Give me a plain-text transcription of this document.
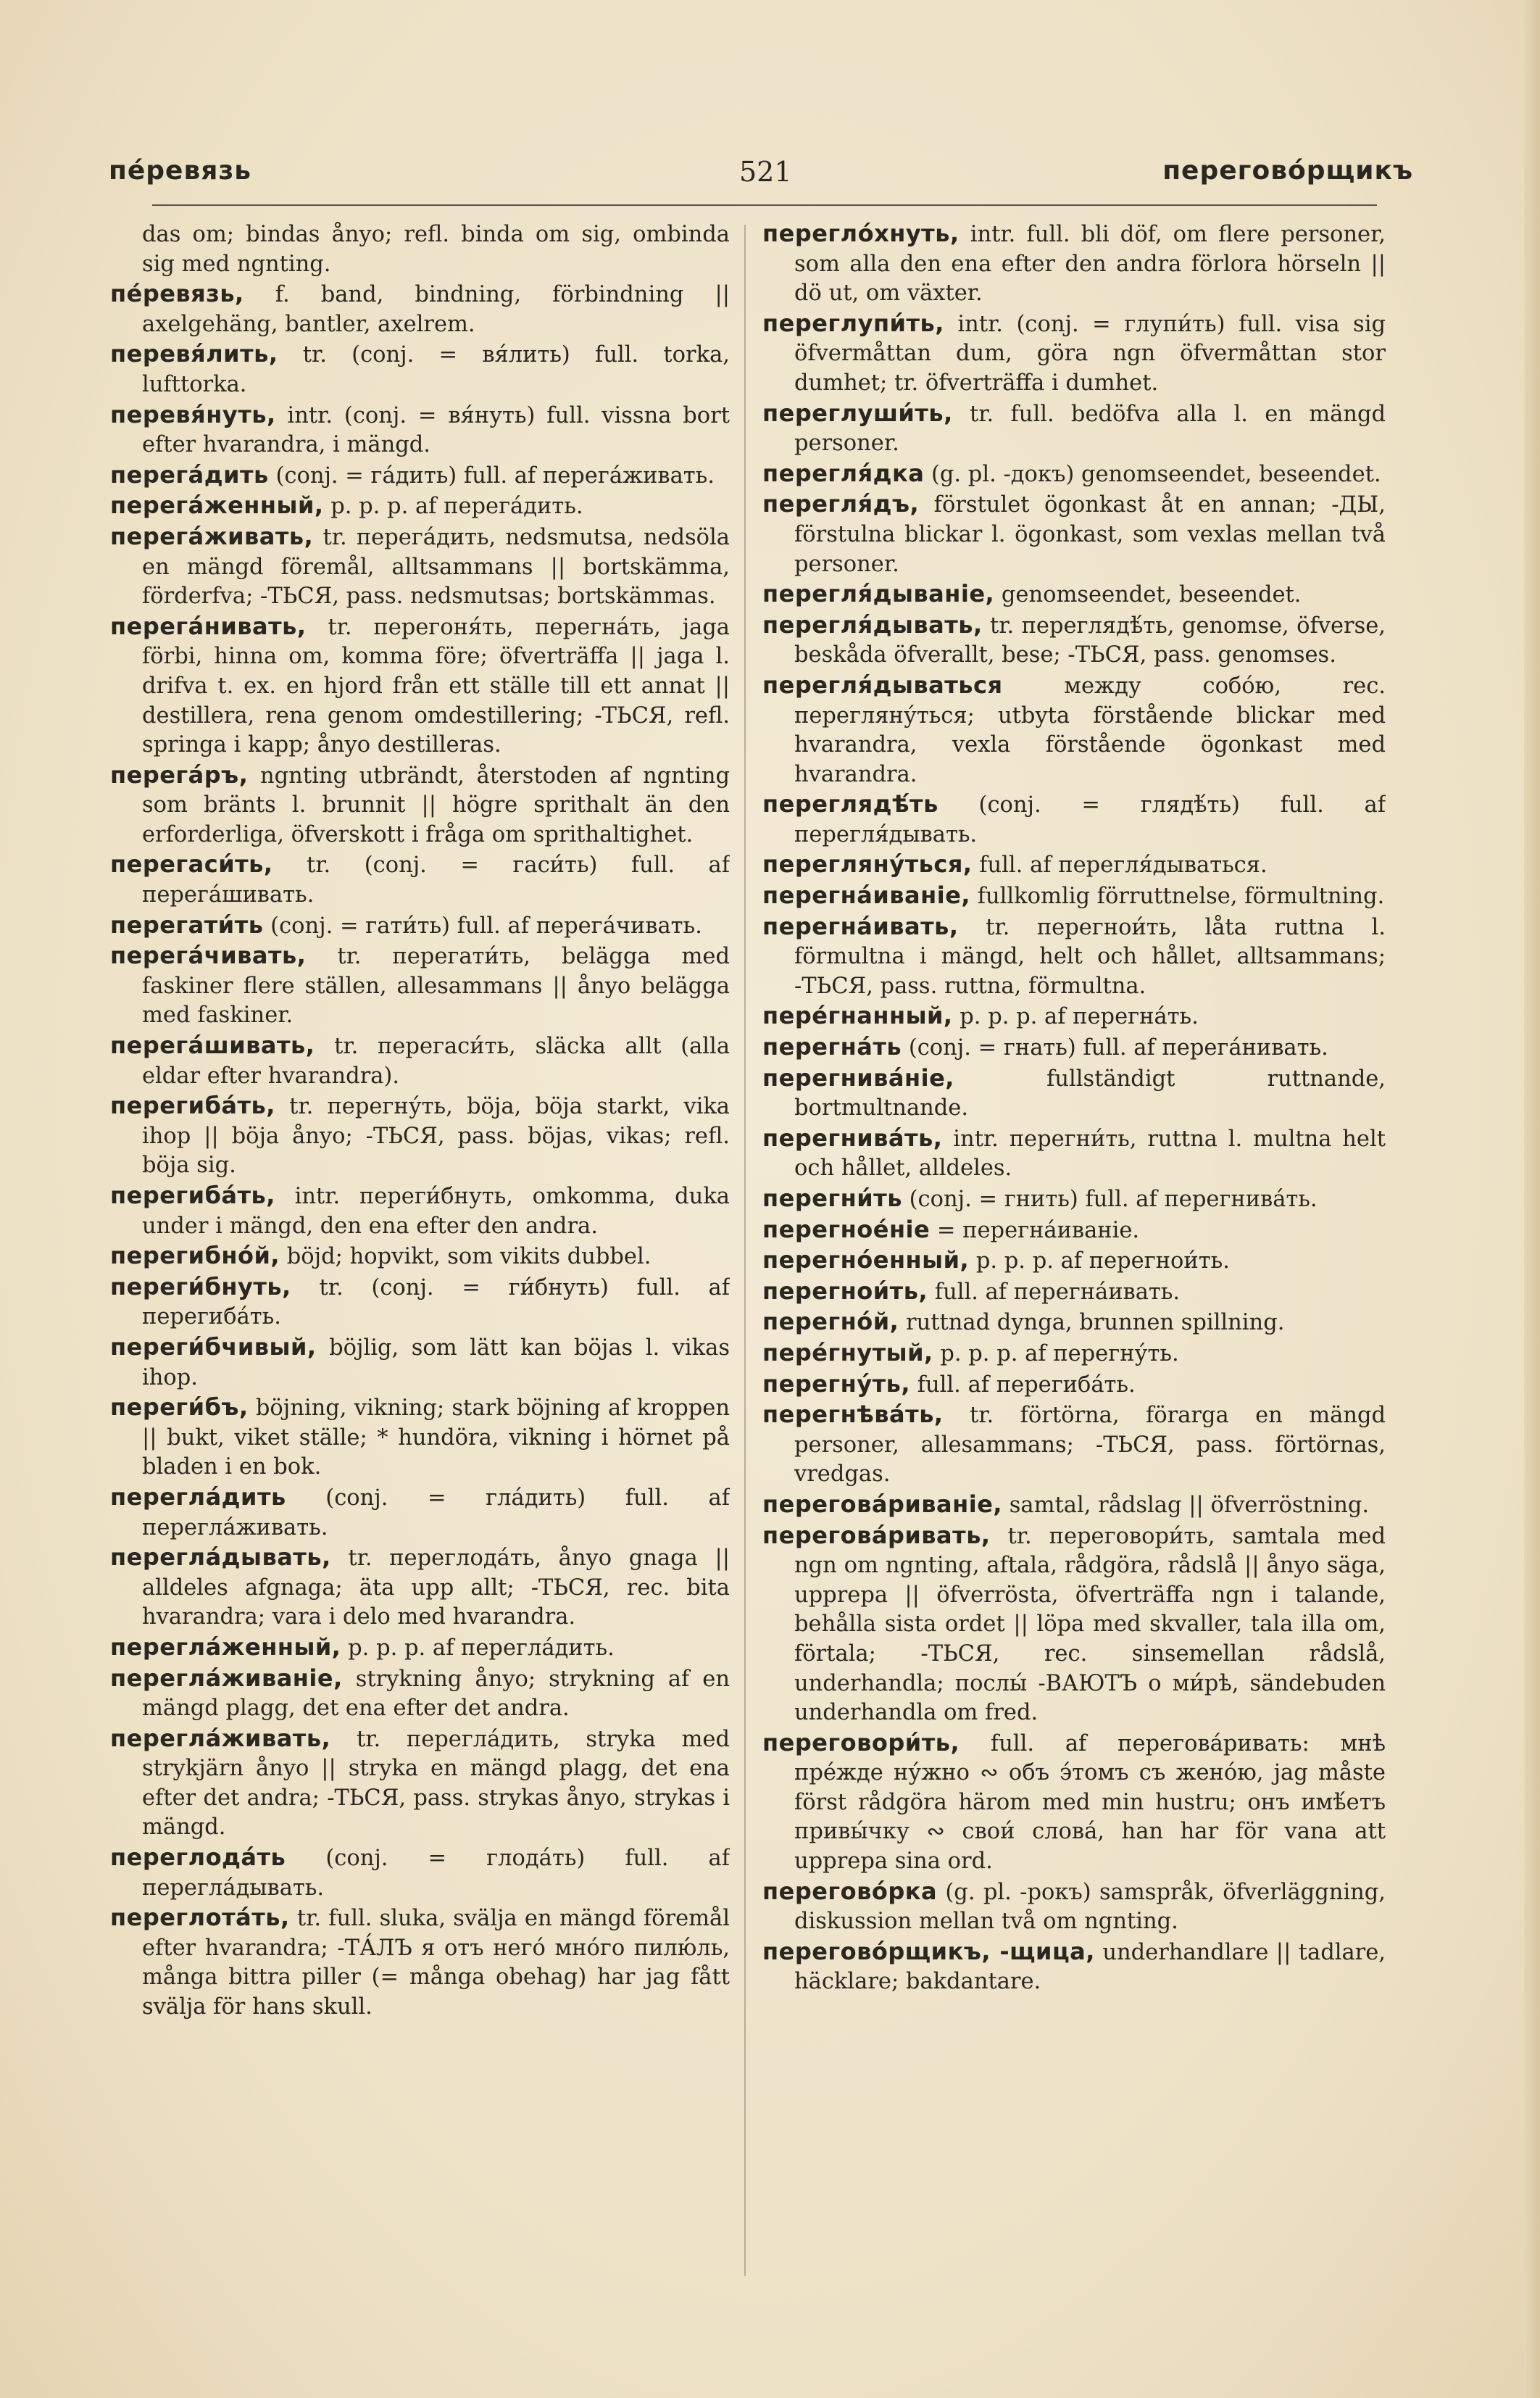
пéревязь	521	переговóрщикъ

das om; bindas ånyo; refl. binda om sig, ombinda sig med ngnting.

пéревязь, f. band, bindning, förbindning || axelgehäng, bantler, axelrem.

перевя́лить, tr. (conj. = вя́лить) full. torka, lufttorka.

перевя́нуть, intr. (conj. = вя́нуть) full. vissna bort efter hvarandra, i mängd.

перега́дить (conj. = га́дить) full. af перега́живать.

перега́женный, p. p. p. af перега́дить.

перега́живать, tr. перега́дить, nedsmutsa, nedsöla en mängd föremål, alltsammans || bortskämma, förderfva; -ТЬСЯ, pass. nedsmutsas; bortskämmas.

перега́нивать, tr. перегоня́ть, перегна́ть, jaga förbi, hinna om, komma före; öfverträffa || jaga l. drifva t. ex. en hjord från ett ställe till ett annat || destillera, rena genom omdestillering; -ТЬСЯ, refl. springa i kapp; ånyo destilleras.

перега́ръ, ngnting utbrändt, återstoden af ngnting som bränts l. brunnit || högre sprithalt än den erforderliga, öfverskott i fråga om sprithaltighet.

перегаси́ть, tr. (conj. = гаси́ть) full. af перега́шивать.

перегати́ть (conj. = гати́ть) full. af перега́чивать.

перега́чивать, tr. перегати́ть, belägga med faskiner flere ställen, allesammans || ånyo belägga med faskiner.

перега́шивать, tr. перегаси́ть, släcka allt (alla eldar efter hvarandra).

перегиба́ть, tr. перегну́ть, böja, böja starkt, vika ihop || böja ånyo; -ТЬСЯ, pass. böjas, vikas; refl. böja sig.

перегиба́ть, intr. переги́бнуть, omkomma, duka under i mängd, den ena efter den andra.

перегибно́й, böjd; hopvikt, som vikits dubbel.

переги́бнуть, tr. (conj. = ги́бнуть) full. af перегиба́ть.

переги́бчивый, böjlig, som lätt kan böjas l. vikas ihop.

переги́бъ, böjning, vikning; stark böjning af kroppen || bukt, viket ställe; * hundöra, vikning i hörnet på bladen i en bok.

перегла́дить (conj. = гла́дить) full. af перегла́живать.

перегла́дывать, tr. переглода́ть, ånyo gnaga || alldeles afgnaga; äta upp allt; -ТЬСЯ, rec. bita hvarandra; vara i delo med hvarandra.

перегла́женный, p. p. p. af перегла́дить.

перегла́живаніе, strykning ånyo; strykning af en mängd plagg, det ena efter det andra.

перегла́живать, tr. перегла́дить, stryka med strykjärn ånyo || stryka en mängd plagg, det ena efter det andra; -ТЬСЯ, pass. strykas ånyo, strykas i mängd.

переглода́ть (conj. = глода́ть) full. af перегла́дывать.

переглота́ть, tr. full. sluka, svälja en mängd föremål efter hvarandra; -ТА́ЛЪ я отъ него́ мно́го пилю́ль, många bittra piller (= många obehag) har jag fått svälja för hans skull.

перегло́хнуть, intr. full. bli döf, om flere personer, som alla den ena efter den andra förlora hörseln || dö ut, om växter.

переглупи́ть, intr. (conj. = глупи́ть) full. visa sig öfvermåttan dum, göra ngn öfvermåttan stor dumhet; tr. öfverträffa i dumhet.

переглуши́ть, tr. full. bedöfva alla l. en mängd personer.

перегля́дка (g. pl. -докъ) genomseendet, beseendet.

перегля́дъ, förstulet ögonkast åt en annan; -ДЫ, förstulna blickar l. ögonkast, som vexlas mellan två personer.

перегля́дываніе, genomseendet, beseendet.

перегля́дывать, tr. переглядѣ́ть, genomse, öfverse, beskåda öfverallt, bese; -ТЬСЯ, pass. genomses.

перегля́дываться между собо́ю, rec. перегляну́ться; utbyta förstående blickar med hvarandra, vexla förstående ögonkast med hvarandra.

переглядѣ́ть (conj. = глядѣ́ть) full. af перегля́дывать.

перегляну́ться, full. af перегля́дываться.

перегна́иваніе, fullkomlig förruttnelse, förmultning.

перегна́ивать, tr. перегнои́ть, låta ruttna l. förmultna i mängd, helt och hållet, alltsammans; -ТЬСЯ, pass. ruttna, förmultna.

перéгнанный, p. p. p. af перегна́ть.

перегна́ть (conj. = гнать) full. af перега́нивать.

перегнива́ніе, fullständigt ruttnande, bortmultnande.

перегнива́ть, intr. перегни́ть, ruttna l. multna helt och hållet, alldeles.

перегни́ть (conj. = гнить) full. af перегнива́ть.

перегное́ніе = перегна́иваніе.

перегно́енный, p. p. p. af перегнои́ть.

перегнои́ть, full. af перегна́ивать.

перегно́й, ruttnad dynga, brunnen spillning.

перéгнутый, p. p. p. af перегну́ть.

перегну́ть, full. af перегиба́ть.

перегнѣва́ть, tr. förtörna, förarga en mängd personer, allesammans; -ТЬСЯ, pass. förtörnas, vredgas.

перегова́риваніе, samtal, rådslag || öfverröstning.

перегова́ривать, tr. переговори́ть, samtala med ngn om ngnting, aftala, rådgöra, rådslå || ånyo säga, upprepa || öfverrösta, öfverträffa ngn i talande, behålla sista ordet || löpa med skvaller, tala illa om, förtala; -ТЬСЯ, rec. sinsemellan rådslå, underhandla; послы́ -ВАЮТЪ о ми́рѣ, sändebuden underhandla om fred.

переговори́ть, full. af перегова́ривать: мнѣ пре́жде ну́жно ∾ объ э́томъ съ жено́ю, jag måste först rådgöra härom med min hustru; онъ имѣ́етъ привы́чку ∾ свои́ слова́, han har för vana att upprepa sina ord.

перегово́рка (g. pl. -рокъ) samspråk, öfverläggning, diskussion mellan två om ngnting.

перегово́рщикъ, -щица, underhandlare || tadlare, häcklare; bakdantare.
